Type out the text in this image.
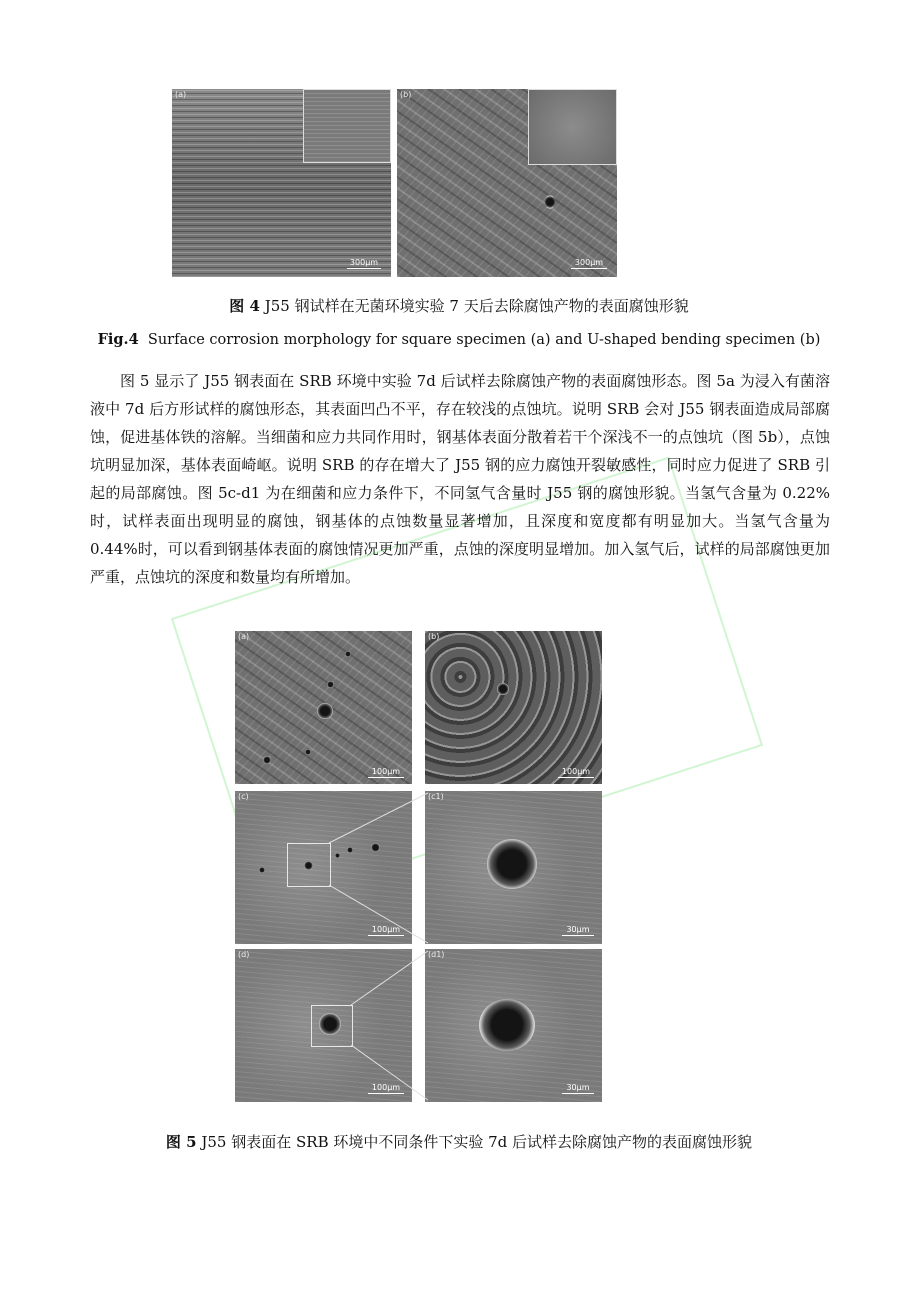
(a)
300μm
(b)
300μm
图 4 J55 钢试样在无菌环境实验 7 天后去除腐蚀产物的表面腐蚀形貌
Fig.4 Surface corrosion morphology for square specimen (a) and U-shaped bending specimen (b)

图 5 显示了 J55 钢表面在 SRB 环境中实验 7d 后试样去除腐蚀产物的表面腐蚀形态。图 5a 为浸入有菌溶液中 7d 后方形试样的腐蚀形态，其表面凹凸不平，存在较浅的点蚀坑。说明 SRB 会对 J55 钢表面造成局部腐蚀，促进基体铁的溶解。当细菌和应力共同作用时，钢基体表面分散着若干个深浅不一的点蚀坑（图 5b），点蚀坑明显加深，基体表面崎岖。说明 SRB 的存在增大了 J55 钢的应力腐蚀开裂敏感性，同时应力促进了 SRB 引起的局部腐蚀。图 5c-d1 为在细菌和应力条件下，不同氢气含量时 J55 钢的腐蚀形貌。当氢气含量为 0.22%时，试样表面出现明显的腐蚀，钢基体的点蚀数量显著增加，且深度和宽度都有明显加大。当氢气含量为 0.44%时，可以看到钢基体表面的腐蚀情况更加严重，点蚀的深度明显增加。加入氢气后，试样的局部腐蚀更加严重，点蚀坑的深度和数量均有所增加。

(a)
100μm
(b)
100μm
(c)
100μm
(c1)
30μm
(d)
100μm
(d1)
30μm
图 5 J55 钢表面在 SRB 环境中不同条件下实验 7d 后试样去除腐蚀产物的表面腐蚀形貌
